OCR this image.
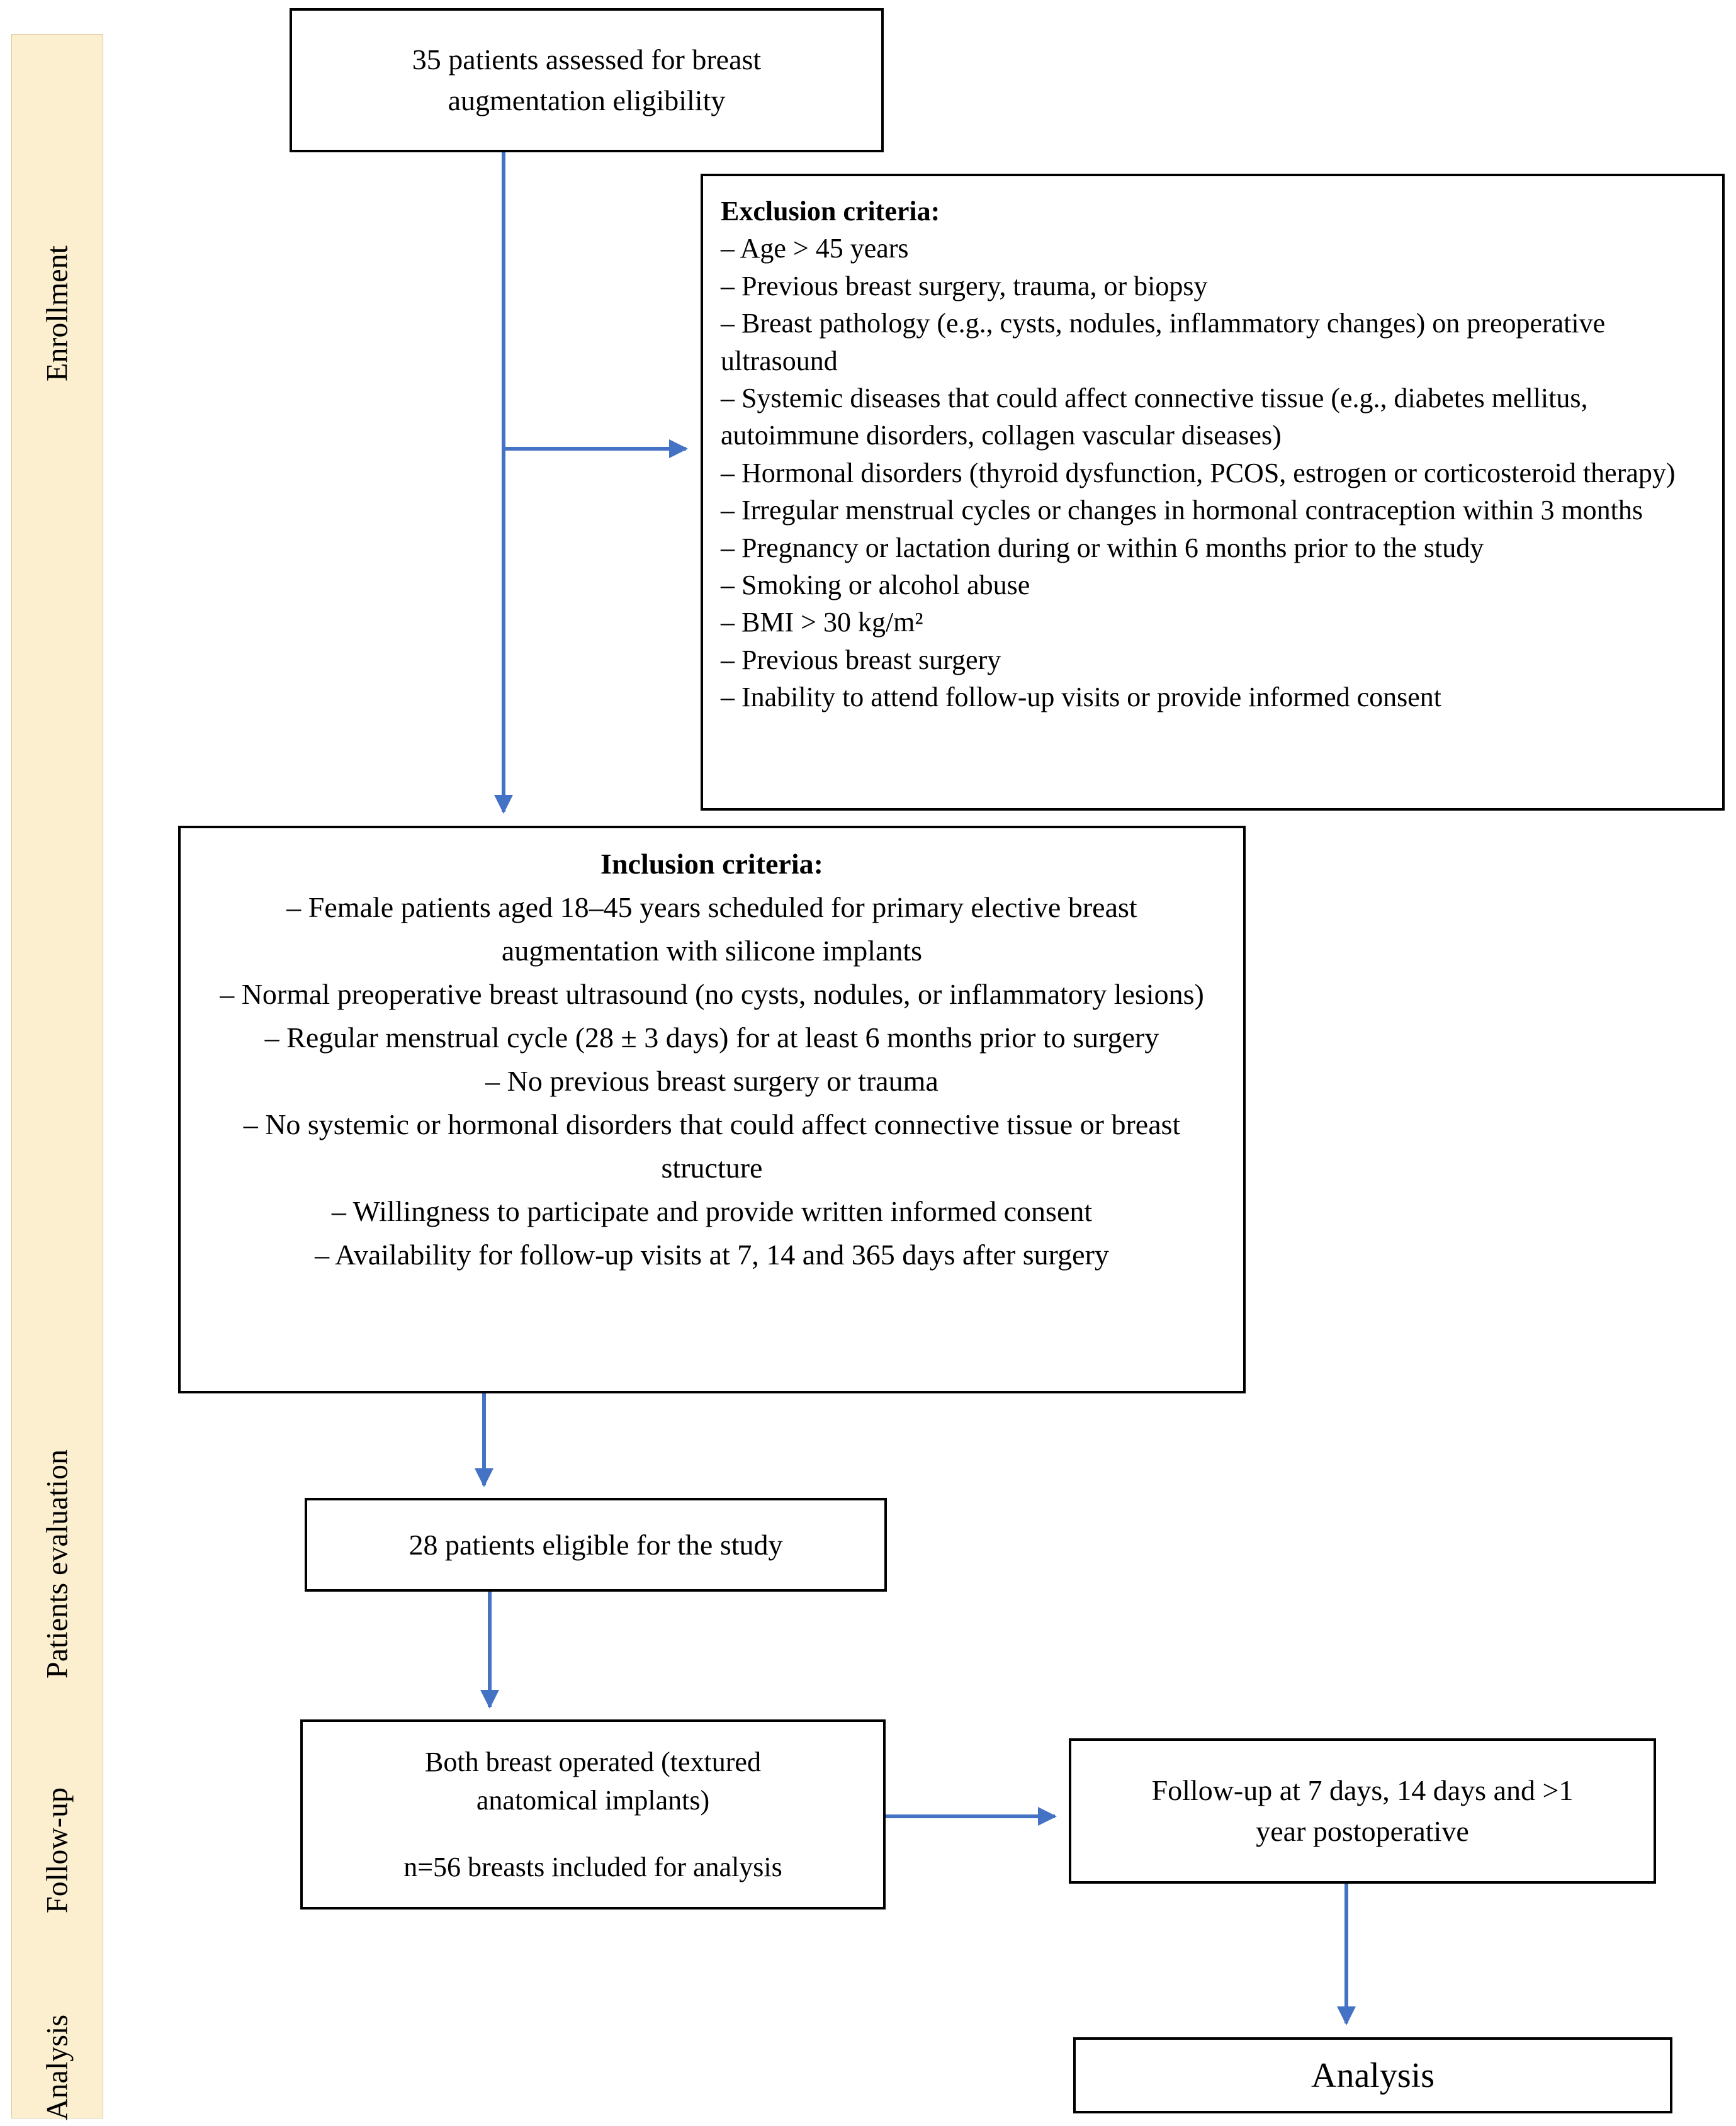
Enrollment
Patients evaluation
Follow-up
Analysis
35 patients assessed for breast augmentation eligibility
Exclusion criteria:
– Age > 45 years
– Previous breast surgery, trauma, or biopsy
– Breast pathology (e.g., cysts, nodules, inflammatory changes) on preoperative ultrasound
– Systemic diseases that could affect connective tissue (e.g., diabetes mellitus, autoimmune disorders, collagen vascular diseases)
– Hormonal disorders (thyroid dysfunction, PCOS, estrogen or corticosteroid therapy)
– Irregular menstrual cycles or changes in hormonal contraception within 3 months
– Pregnancy or lactation during or within 6 months prior to the study
– Smoking or alcohol abuse
– BMI > 30 kg/m²
– Previous breast surgery
– Inability to attend follow-up visits or provide informed consent
Inclusion criteria:
– Female patients aged 18–45 years scheduled for primary elective breast augmentation with silicone implants
– Normal preoperative breast ultrasound (no cysts, nodules, or inflammatory lesions)
– Regular menstrual cycle (28 ± 3 days) for at least 6 months prior to surgery
– No previous breast surgery or trauma
– No systemic or hormonal disorders that could affect connective tissue or breast structure
– Willingness to participate and provide written informed consent
– Availability for follow-up visits at 7, 14 and 365 days after surgery
28 patients eligible for the study
Both breast operated (textured anatomical implants)
n=56 breasts included for analysis
Follow-up at 7 days, 14 days and >1 year postoperative
Analysis
